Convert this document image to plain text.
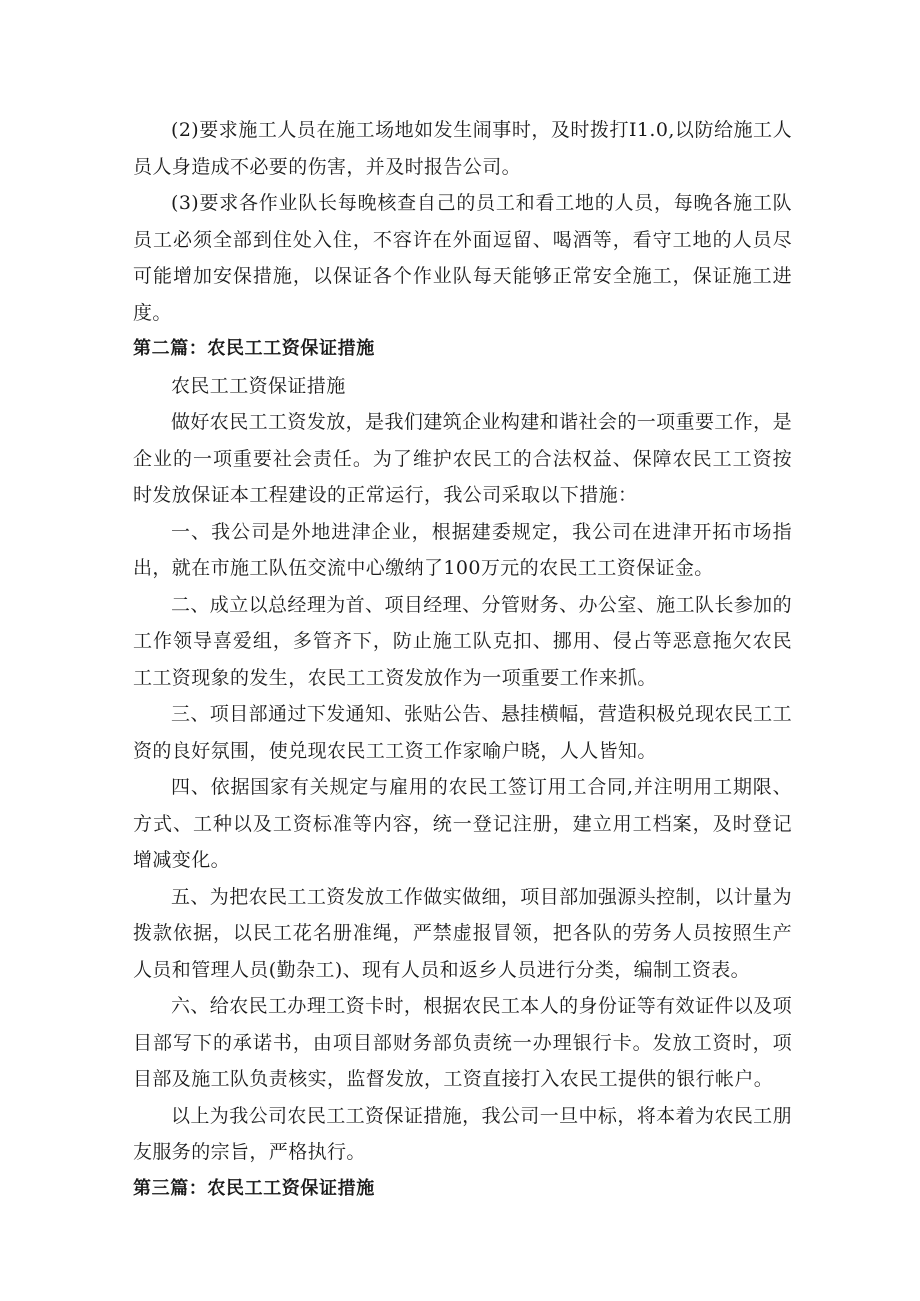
(2)要求施工人员在施工场地如发生闹事时，及时拨打I1.0,以防给施工人员人身造成不必要的伤害，并及时报告公司。

(3)要求各作业队长每晚核查自己的员工和看工地的人员，每晚各施工队员工必须全部到住处入住，不容许在外面逗留、喝酒等，看守工地的人员尽可能增加安保措施，以保证各个作业队每天能够正常安全施工，保证施工进度。

第二篇：农民工工资保证措施

农民工工资保证措施

做好农民工工资发放，是我们建筑企业构建和谐社会的一项重要工作，是企业的一项重要社会责任。为了维护农民工的合法权益、保障农民工工资按时发放保证本工程建设的正常运行，我公司采取以下措施：

一、我公司是外地进津企业，根据建委规定，我公司在进津开拓市场指出，就在市施工队伍交流中心缴纳了100万元的农民工工资保证金。

二、成立以总经理为首、项目经理、分管财务、办公室、施工队长参加的工作领导喜爱组，多管齐下，防止施工队克扣、挪用、侵占等恶意拖欠农民工工资现象的发生，农民工工资发放作为一项重要工作来抓。

三、项目部通过下发通知、张贴公告、悬挂横幅，营造积极兑现农民工工资的良好氛围，使兑现农民工工资工作家喻户晓，人人皆知。

四、依据国家有关规定与雇用的农民工签订用工合同,并注明用工期限、方式、工种以及工资标准等内容，统一登记注册，建立用工档案，及时登记增减变化。

五、为把农民工工资发放工作做实做细，项目部加强源头控制，以计量为拨款依据，以民工花名册准绳，严禁虚报冒领，把各队的劳务人员按照生产人员和管理人员(勤杂工)、现有人员和返乡人员进行分类，编制工资表。

六、给农民工办理工资卡时，根据农民工本人的身份证等有效证件以及项目部写下的承诺书，由项目部财务部负责统一办理银行卡。发放工资时，项目部及施工队负责核实，监督发放，工资直接打入农民工提供的银行帐户。

以上为我公司农民工工资保证措施，我公司一旦中标，将本着为农民工朋友服务的宗旨，严格执行。

第三篇：农民工工资保证措施
